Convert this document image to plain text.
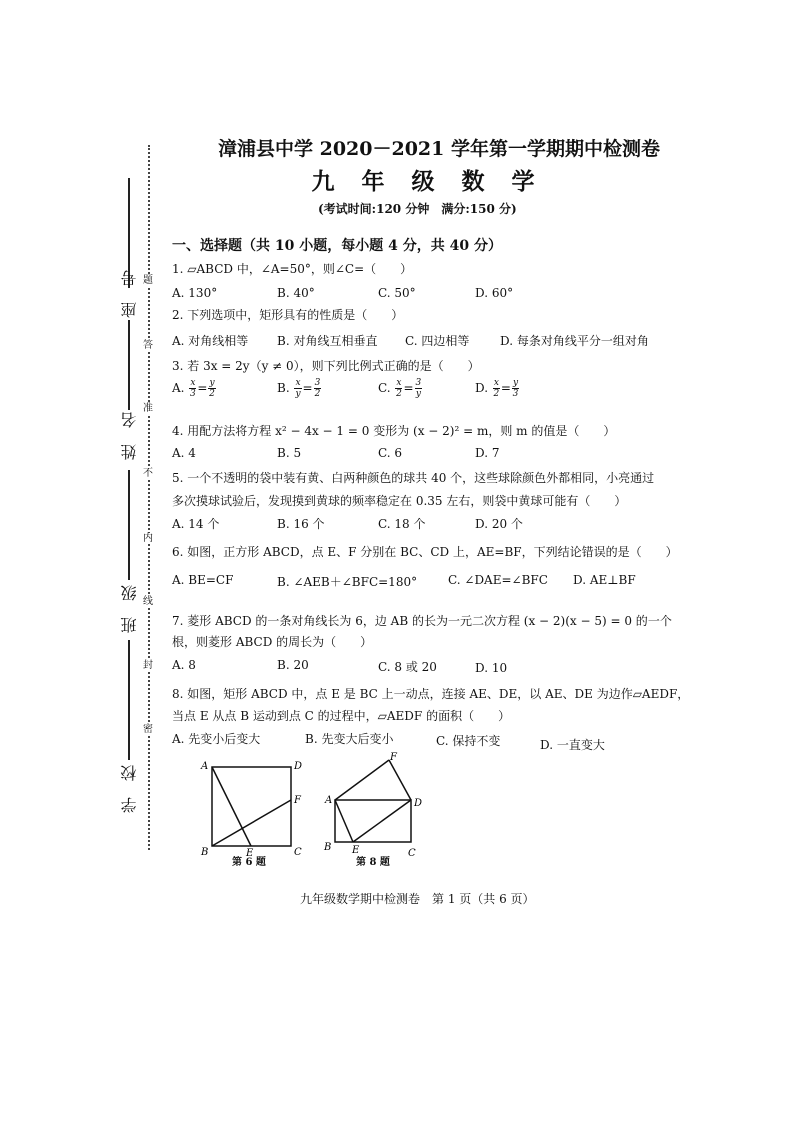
座　号
姓　名
班　级
学　校
题
答
准
不
内
线
封
密
漳浦县中学 2020－2021 学年第一学期期中检测卷
九 年 级 数 学
(考试时间:120 分钟　满分:150 分)
一、选择题（共 10 小题，每小题 4 分，共 40 分）
1. ▱ABCD 中，∠A=50°，则∠C=（　　）
A. 130°	B. 40°	C. 50°	D. 60°
2. 下列选项中，矩形具有的性质是（　　）
A. 对角线相等 B. 对角线互相垂直 C. 四边相等	D. 每条对角线平分一组对角
3. 若 3x = 2y（y ≠ 0），则下列比例式正确的是（　　）
A. $\frac{x}{3} = \frac{y}{2}$	B. $\frac{x}{y} = \frac{3}{2}$	C. $\frac{x}{2} = \frac{3}{y}$	D. $\frac{x}{2} = \frac{y}{3}$
4. 用配方法将方程 x² − 4x − 1 = 0 变形为 (x − 2)² = m，则 m 的值是（　　）
A. 4	B. 5	C. 6	D. 7
5. 一个不透明的袋中装有黄、白两种颜色的球共 40 个，这些球除颜色外都相同，小亮通过
多次摸球试验后，发现摸到黄球的频率稳定在 0.35 左右，则袋中黄球可能有（　　）
A. 14 个	B. 16 个	C. 18 个	D. 20 个
6. 如图，正方形 ABCD，点 E、F 分别在 BC、CD 上，AE=BF，下列结论错误的是（　　）
A. BE=CF	B. ∠AEB＋∠BFC=180°	C. ∠DAE=∠BFC D. AE⊥BF
7. 菱形 ABCD 的一条对角线长为 6，边 AB 的长为一元二次方程 (x − 2)(x − 5) = 0 的一个
根，则菱形 ABCD 的周长为（　　）
A. 8	B. 20	C. 8 或 20	D. 10
8. 如图，矩形 ABCD 中，点 E 是 BC 上一动点，连接 AE、DE，以 AE、DE 为边作▱AEDF，
当点 E 从点 B 运动到点 C 的过程中，▱AEDF 的面积（　　）
A. 先变小后变大	B. 先变大后变小	C. 保持不变	D. 一直变大
A	D
F
B	E	C
第 6 题
F
A	D
B E	C
第 8 题
九年级数学期中检测卷　第 1 页（共 6 页）
